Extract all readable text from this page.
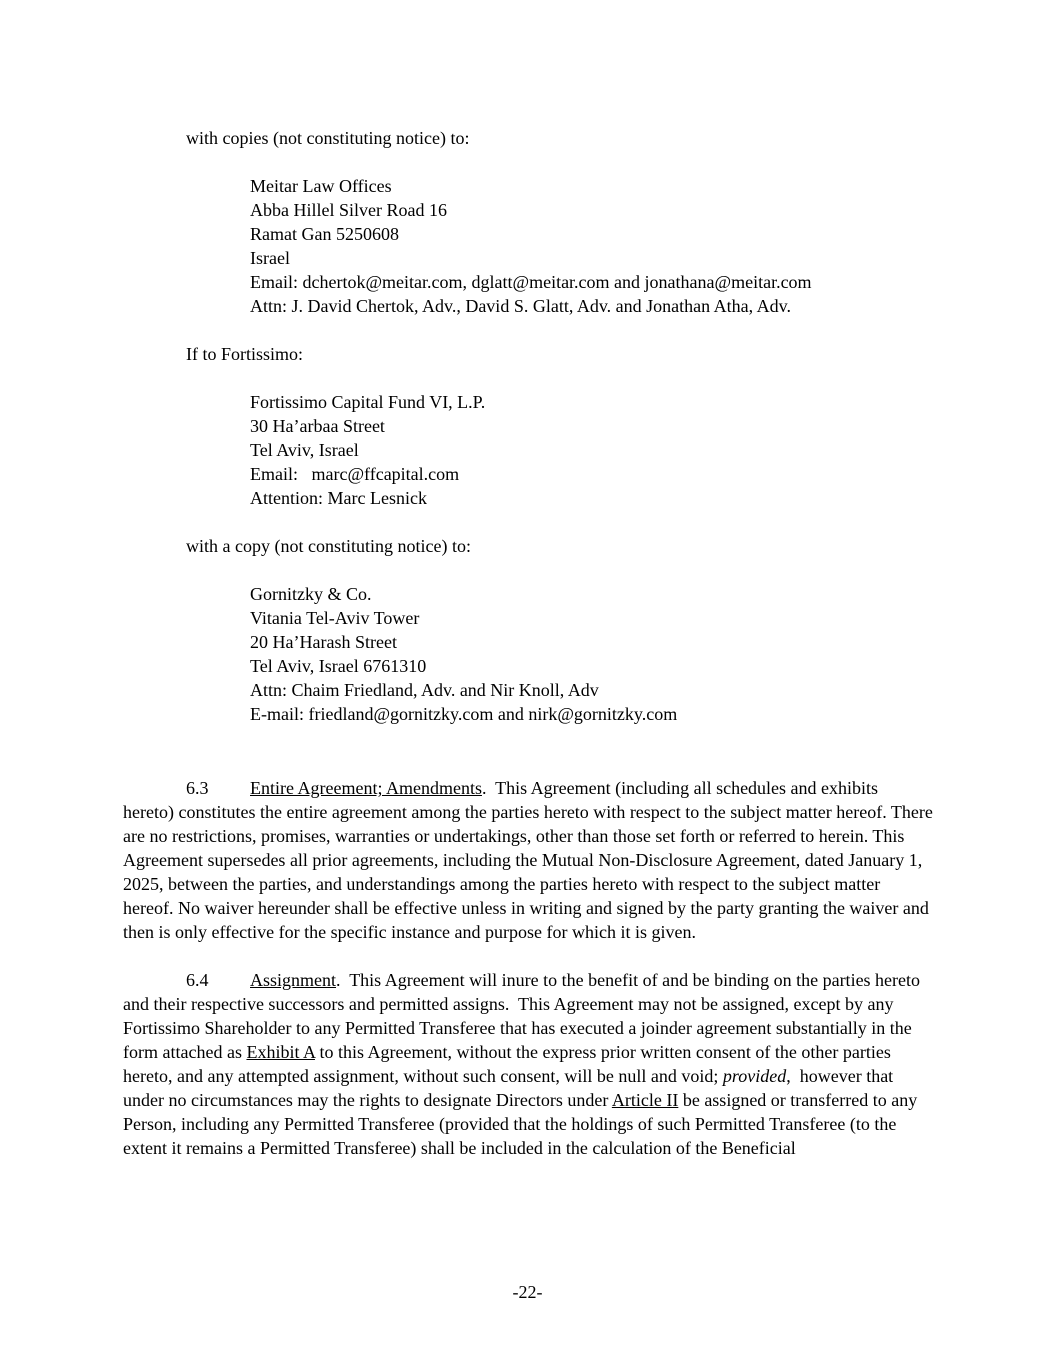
with copies (not constituting notice) to:
Meitar Law Offices
Abba Hillel Silver Road 16
Ramat Gan 5250608
Israel
Email: dchertok@meitar.com, dglatt@meitar.com and jonathana@meitar.com
Attn: J. David Chertok, Adv., David S. Glatt, Adv. and Jonathan Atha, Adv.
If to Fortissimo:
Fortissimo Capital Fund VI, L.P.
30 Ha’arbaa Street
Tel Aviv, Israel
Email:   marc@ffcapital.com
Attention: Marc Lesnick
with a copy (not constituting notice) to:
Gornitzky & Co.
Vitania Tel-Aviv Tower
20 Ha’Harash Street
Tel Aviv, Israel 6761310
Attn: Chaim Friedland, Adv. and Nir Knoll, Adv
E-mail: friedland@gornitzky.com and nirk@gornitzky.com

6.3 Entire Agreement; Amendments.  This Agreement (including all schedules and exhibits hereto) constitutes the entire agreement among the parties hereto with respect to the subject matter hereof. There are no restrictions, promises, warranties or undertakings, other than those set forth or referred to herein. This Agreement supersedes all prior agreements, including the Mutual Non-Disclosure Agreement, dated January 1, 2025, between the parties, and understandings among the parties hereto with respect to the subject matter hereof. No waiver hereunder shall be effective unless in writing and signed by the party granting the waiver and then is only effective for the specific instance and purpose for which it is given.

6.4 Assignment.  This Agreement will inure to the benefit of and be binding on the parties hereto and their respective successors and permitted assigns.  This Agreement may not be assigned, except by any Fortissimo Shareholder to any Permitted Transferee that has executed a joinder agreement substantially in the form attached as Exhibit A to this Agreement, without the express prior written consent of the other parties hereto, and any attempted assignment, without such consent, will be null and void; provided,  however that under no circumstances may the rights to designate Directors under Article II be assigned or transferred to any Person, including any Permitted Transferee (provided that the holdings of such Permitted Transferee (to the extent it remains a Permitted Transferee) shall be included in the calculation of the Beneficial

-22-
